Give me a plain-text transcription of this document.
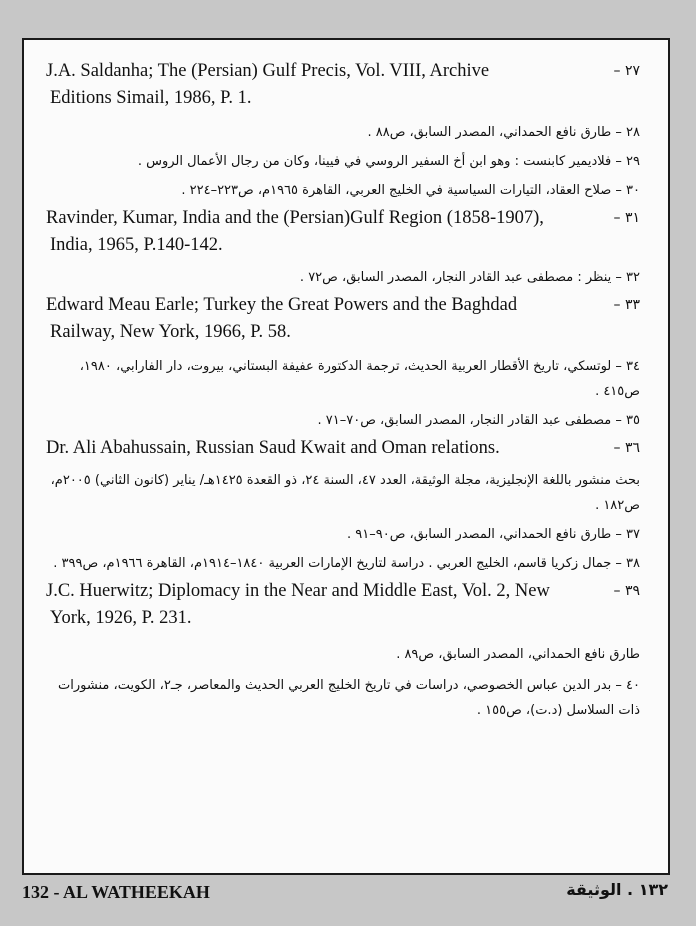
J.A. Saldanha; The (Persian) Gulf Precis, Vol. VIII, Archive
Editions Simail, 1986, P. 1.
٢٧ –
٢٨ – طارق نافع الحمداني، المصدر السابق، ص٨٨ .
٢٩ – فلاديمير كابنست : وهو ابن أخ السفير الروسي في فيينا، وكان من رجال الأعمال الروس .
٣٠ – صلاح العقاد، التيارات السياسية في الخليج العربي، القاهرة ١٩٦٥م، ص٢٢٣–٢٢٤ .
Ravinder, Kumar, India and the (Persian)Gulf Region (1858-1907),
India, 1965, P.140-142.
٣١ –
٣٢ – ينظر : مصطفى عبد القادر النجار، المصدر السابق، ص٧٢ .
Edward Meau Earle; Turkey the Great Powers and the Baghdad
Railway, New York, 1966, P. 58.
٣٣ –
٣٤ – لوتسكي، تاريخ الأقطار العربية الحديث، ترجمة الدكتورة عفيفة البستاني، بيروت، دار الفارابي، ١٩٨٠، ص٤١٥ .
٣٥ – مصطفى عبد القادر النجار، المصدر السابق، ص٧٠–٧١ .
Dr. Ali Abahussain, Russian Saud Kwait and Oman relations.	٣٦ –
بحث منشور باللغة الإنجليزية، مجلة الوثيقة، العدد ٤٧، السنة ٢٤، ذو القعدة ١٤٢٥هـ/ يناير (كانون الثاني) ٢٠٠٥م، ص١٨٢ .
٣٧ – طارق نافع الحمداني، المصدر السابق، ص٩٠–٩١ .
٣٨ – جمال زكريا قاسم، الخليج العربي . دراسة لتاريخ الإمارات العربية ١٨٤٠–١٩١٤م، القاهرة ١٩٦٦م، ص٣٩٩ .
J.C. Huerwitz; Diplomacy in the Near and Middle East, Vol. 2, New
York, 1926, P. 231.
٣٩ –
طارق نافع الحمداني، المصدر السابق، ص٨٩ .
٤٠ – بدر الدين عباس الخصوصي، دراسات في تاريخ الخليج العربي الحديث والمعاصر، جـ٢، الكويت، منشورات ذات السلاسل (د.ت)، ص١٥٥ .
132 - AL WATHEEKAH	١٣٢ . الوثيقة
